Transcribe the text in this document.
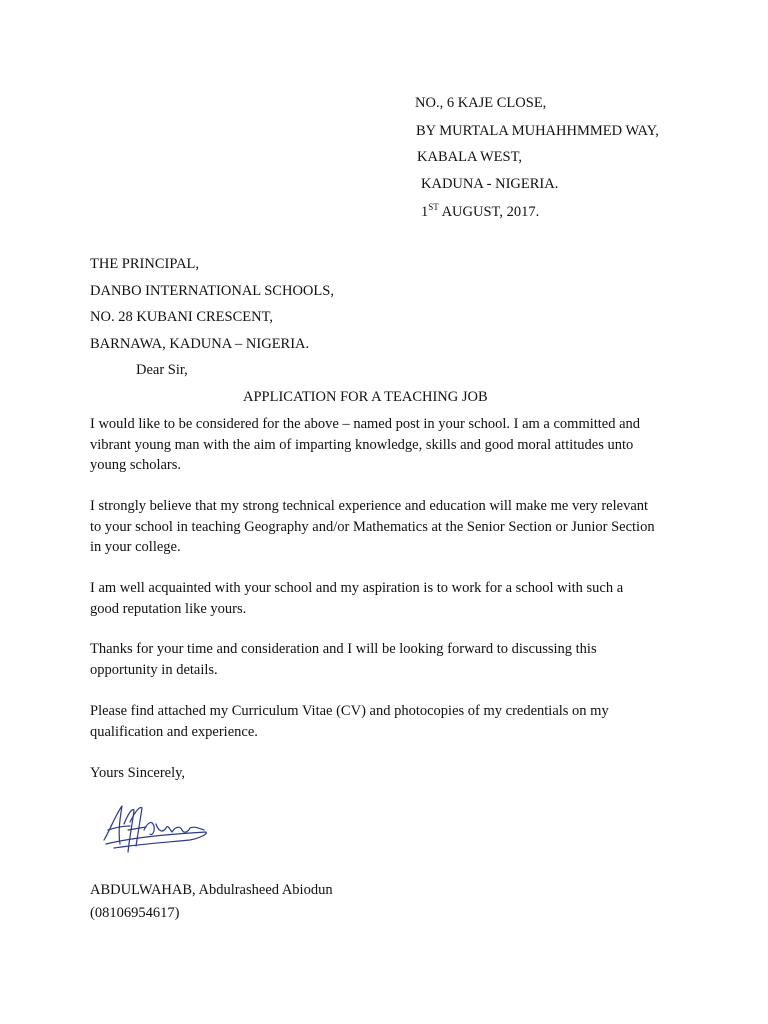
NO., 6 KAJE CLOSE,
BY MURTALA MUHAHHMMED WAY,
KABALA WEST,
KADUNA - NIGERIA.
1ST AUGUST, 2017.
THE PRINCIPAL,
DANBO INTERNATIONAL SCHOOLS,
NO. 28 KUBANI CRESCENT,
BARNAWA, KADUNA – NIGERIA.
Dear Sir,
APPLICATION FOR A TEACHING JOB
I would like to be considered for the above – named post in your school. I am a committed and
vibrant young man with the aim of imparting knowledge, skills and good moral attitudes unto
young scholars.
I strongly believe that my strong technical experience and education will make me very relevant
to your school in teaching Geography and/or Mathematics at the Senior Section or Junior Section
in your college.
I am well acquainted with your school and my aspiration is to work for a school with such a
good reputation like yours.
Thanks for your time and consideration and I will be looking forward to discussing this
opportunity in details.
Please find attached my Curriculum Vitae (CV) and photocopies of my credentials on my
qualification and experience.
Yours Sincerely,
ABDULWAHAB, Abdulrasheed Abiodun
(08106954617)
